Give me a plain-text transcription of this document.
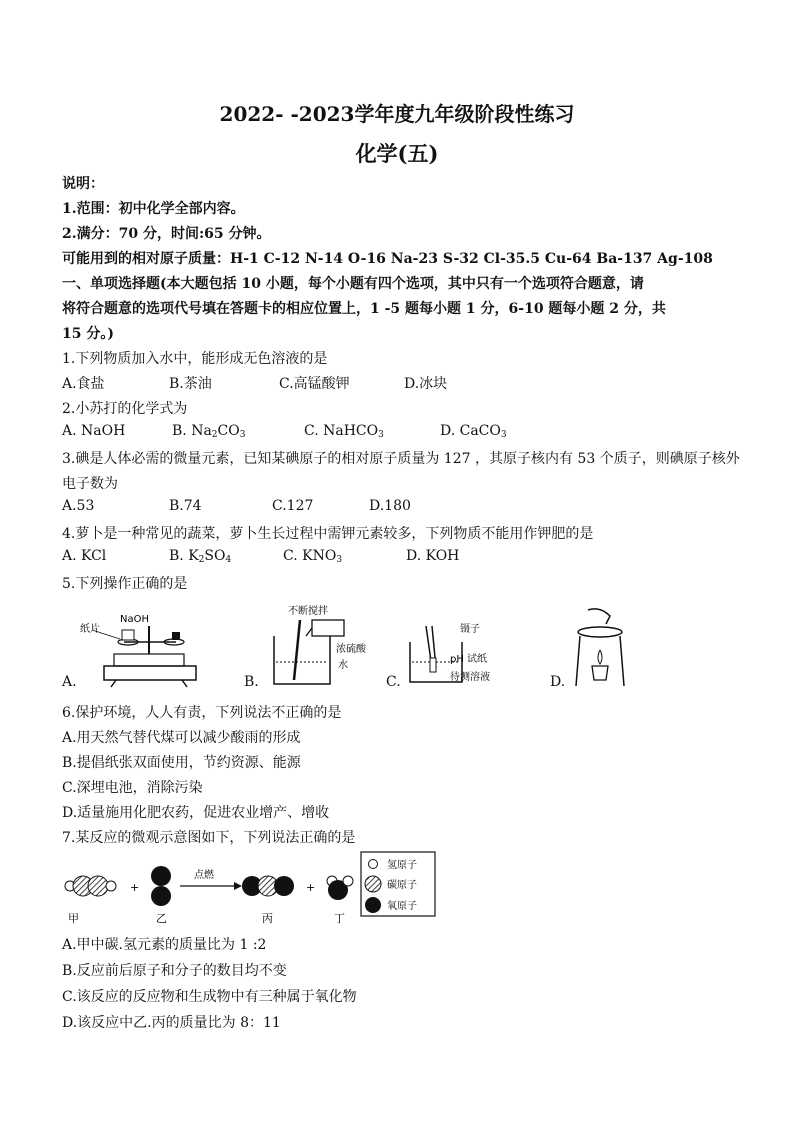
2022- -2023学年度九年级阶段性练习
化学(五)
说明：
1.范围：初中化学全部内容。
2.满分：70 分，时间:65 分钟。
可能用到的相对原子质量：H-1 C-12 N-14 O-16 Na-23 S-32 Cl-35.5 Cu-64 Ba-137 Ag-108
一、单项选择题(本大题包括 10 小题，每个小题有四个选项，其中只有一个选项符合题意，请
将符合题意的选项代号填在答题卡的相应位置上，1 -5 题每小题 1 分，6-10 题每小题 2 分，共
15 分。)
1.下列物质加入水中，能形成无色溶液的是
A.食盐	B.茶油	C.高锰酸钾	D.冰块
2.小苏打的化学式为
A. NaOH	B. $Na_2CO_3$	C. NaHCO$_3$	D. CaCO$_3$
3.碘是人体必需的微量元素，已知某碘原子的相对原子质量为 127 ，其原子核内有 53 个质子，则碘原子核外
电子数为
A.53	B.74	C.127	D.180
4.萝卜是一种常见的蔬菜，萝卜生长过程中需钾元素较多，下列物质不能用作钾肥的是
A. KCl	B. $K_2SO_4$	C. $KNO_3$	D. KOH
5.下列操作正确的是
纸片
NaOH
A.
不断搅拌
浓硫酸
水
B.
镊子
pH 试纸
待测溶液
C.	D.
6.保护环境，人人有责，下列说法不正确的是
A.用天然气替代煤可以减少酸雨的形成
B.提倡纸张双面使用，节约资源、能源
C.深埋电池，消除污染
D.适量施用化肥农药，促进农业增产、增收
7.某反应的微观示意图如下，下列说法正确的是
+
点燃
+
甲	乙	丙	丁
氢原子
碳原子
氧原子
A.甲中碳.氢元素的质量比为 1 :2
B.反应前后原子和分子的数目均不变
C.该反应的反应物和生成物中有三种属于氧化物
D.该反应中乙.丙的质量比为 8：11
